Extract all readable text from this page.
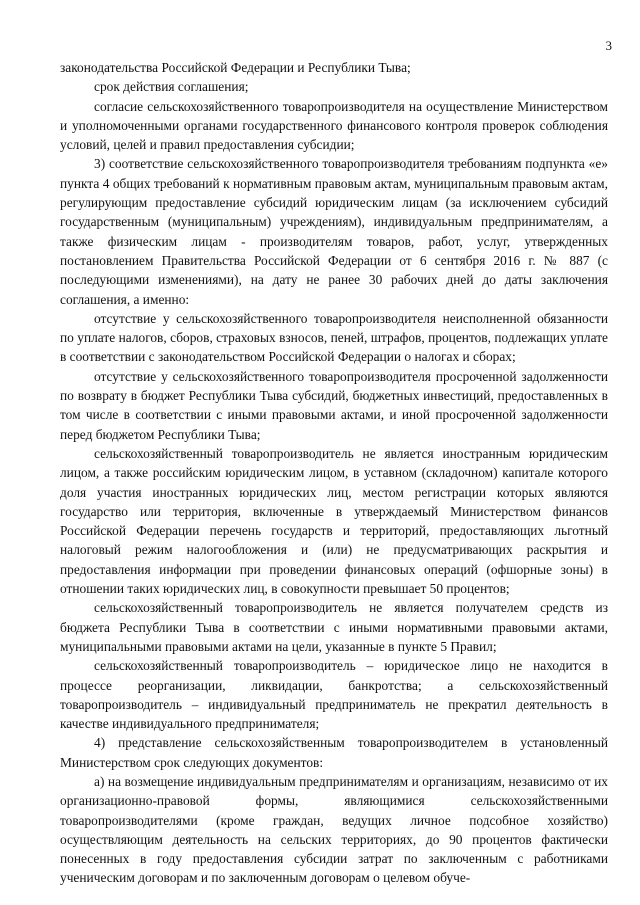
3

законодательства Российской Федерации и Республики Тыва;

срок действия соглашения;

согласие сельскохозяйственного товаропроизводителя на осуществление Министерством и уполномоченными органами государственного финансового контроля проверок соблюдения условий, целей и правил предоставления субсидии;

3) соответствие сельскохозяйственного товаропроизводителя требованиям подпункта «е» пункта 4 общих требований к нормативным правовым актам, муниципальным правовым актам, регулирующим предоставление субсидий юридическим лицам (за исключением субсидий государственным (муниципальным) учреждениям), индивидуальным предпринимателям, а также физическим лицам - производителям товаров, работ, услуг, утвержденных постановлением Правительства Российской Федерации от 6 сентября 2016 г. № 887 (с последующими изменениями), на дату не ранее 30 рабочих дней до даты заключения соглашения, а именно:

отсутствие у сельскохозяйственного товаропроизводителя неисполненной обязанности по уплате налогов, сборов, страховых взносов, пеней, штрафов, процентов, подлежащих уплате в соответствии с законодательством Российской Федерации о налогах и сборах;

отсутствие у сельскохозяйственного товаропроизводителя просроченной задолженности по возврату в бюджет Республики Тыва субсидий, бюджетных инвестиций, предоставленных в том числе в соответствии с иными правовыми актами, и иной просроченной задолженности перед бюджетом Республики Тыва;

сельскохозяйственный товаропроизводитель не является иностранным юридическим лицом, а также российским юридическим лицом, в уставном (складочном) капитале которого доля участия иностранных юридических лиц, местом регистрации которых являются государство или территория, включенные в утверждаемый Министерством финансов Российской Федерации перечень государств и территорий, предоставляющих льготный налоговый режим налогообложения и (или) не предусматривающих раскрытия и предоставления информации при проведении финансовых операций (офшорные зоны) в отношении таких юридических лиц, в совокупности превышает 50 процентов;

сельскохозяйственный товаропроизводитель не является получателем средств из бюджета Республики Тыва в соответствии с иными нормативными правовыми актами, муниципальными правовыми актами на цели, указанные в пункте 5 Правил;

сельскохозяйственный товаропроизводитель – юридическое лицо не находится в процессе реорганизации, ликвидации, банкротства; а сельскохозяйственный товаропроизводитель – индивидуальный предприниматель не прекратил деятельность в качестве индивидуального предпринимателя;

4) представление сельскохозяйственным товаропроизводителем в установленный Министерством срок следующих документов:

а) на возмещение индивидуальным предпринимателям и организациям, независимо от их организационно-правовой формы, являющимися сельскохозяйственными товаропроизводителями (кроме граждан, ведущих личное подсобное хозяйство) осуществляющим деятельность на сельских территориях, до 90 процентов фактически понесенных в году предоставления субсидии затрат по заключенным с работниками ученическим договорам и по заключенным договорам о целевом обуче-
